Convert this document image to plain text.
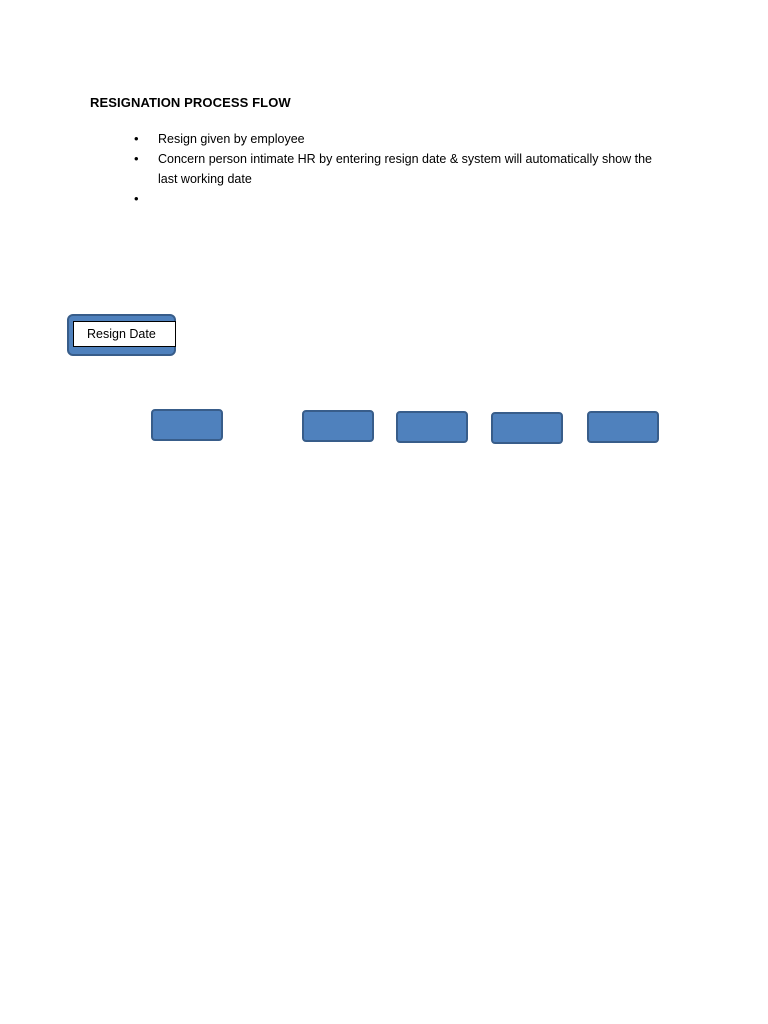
RESIGNATION PROCESS FLOW
• Resign given by employee
• Concern person intimate HR by entering resign date & system will automatically show the last working date
•
Resign Date
